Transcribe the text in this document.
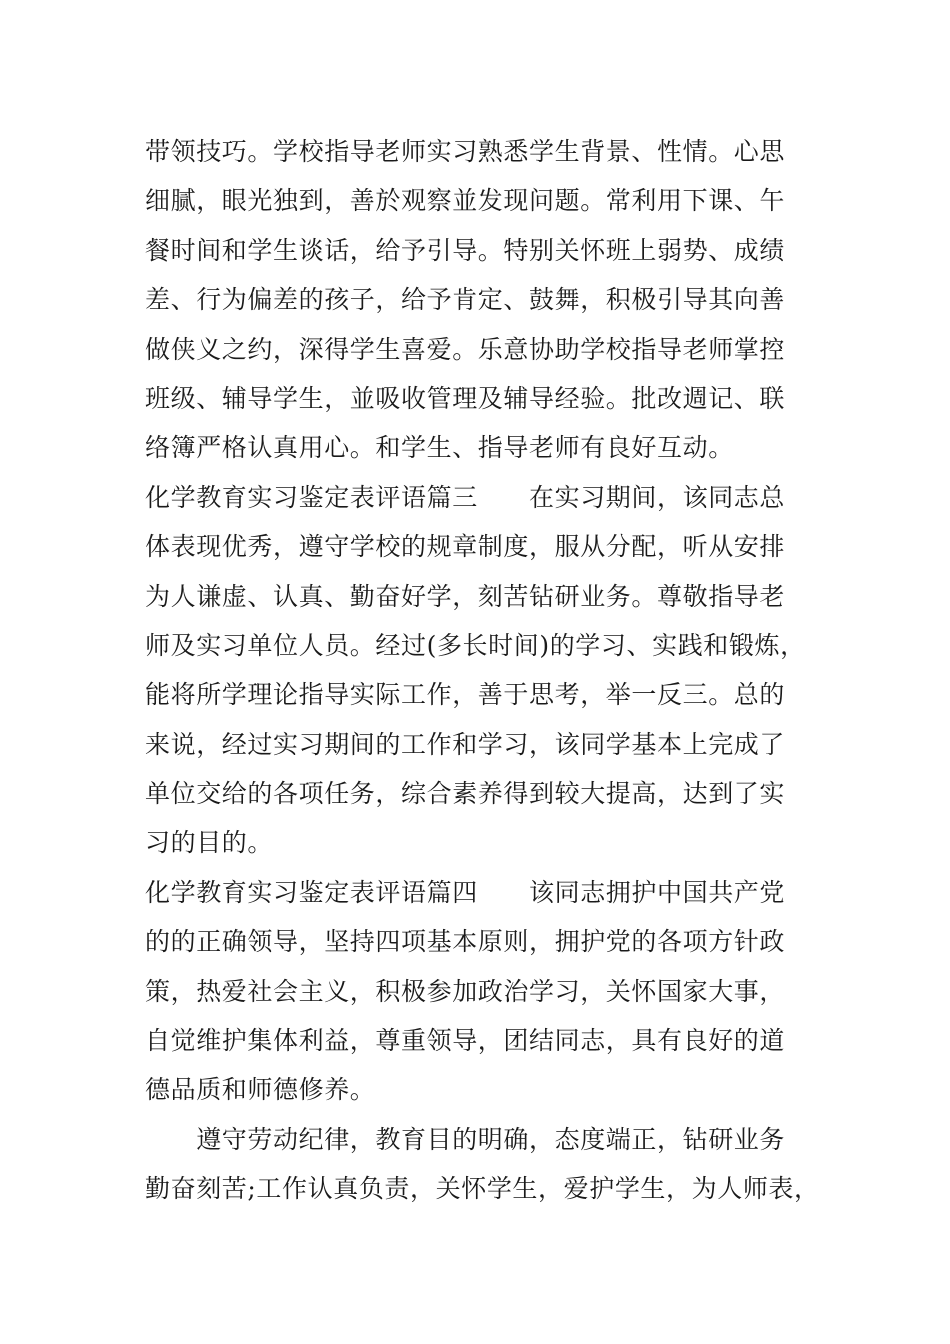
带领技巧。学校指导老师实习熟悉学生背景、性情。心思
细腻，眼光独到，善於观察並发现问题。常利用下课、午
餐时间和学生谈话，给予引导。特别关怀班上弱势、成绩
差、行为偏差的孩子，给予肯定、鼓舞，积极引导其向善
做侠义之约，深得学生喜爱。乐意协助学校指导老师掌控
班级、辅导学生，並吸收管理及辅导经验。批改週记、联
络簿严格认真用心。和学生、指导老师有良好互动。
化学教育实习鉴定表评语篇三　　在实习期间，该同志总
体表现优秀，遵守学校的规章制度，服从分配，听从安排
为人谦虚、认真、勤奋好学，刻苦钻研业务。尊敬指导老
师及实习单位人员。经过(多长时间)的学习、实践和锻炼，
能将所学理论指导实际工作，善于思考，举一反三。总的
来说，经过实习期间的工作和学习，该同学基本上完成了
单位交给的各项任务，综合素养得到较大提高，达到了实
习的目的。
化学教育实习鉴定表评语篇四　　该同志拥护中国共产党
的的正确领导，坚持四项基本原则，拥护党的各项方针政
策，热爱社会主义，积极参加政治学习，关怀国家大事，
自觉维护集体利益，尊重领导，团结同志，具有良好的道
德品质和师德修养。
　　遵守劳动纪律，教育目的明确，态度端正，钻研业务
勤奋刻苦;工作认真负责，关怀学生，爱护学生，为人师表，
